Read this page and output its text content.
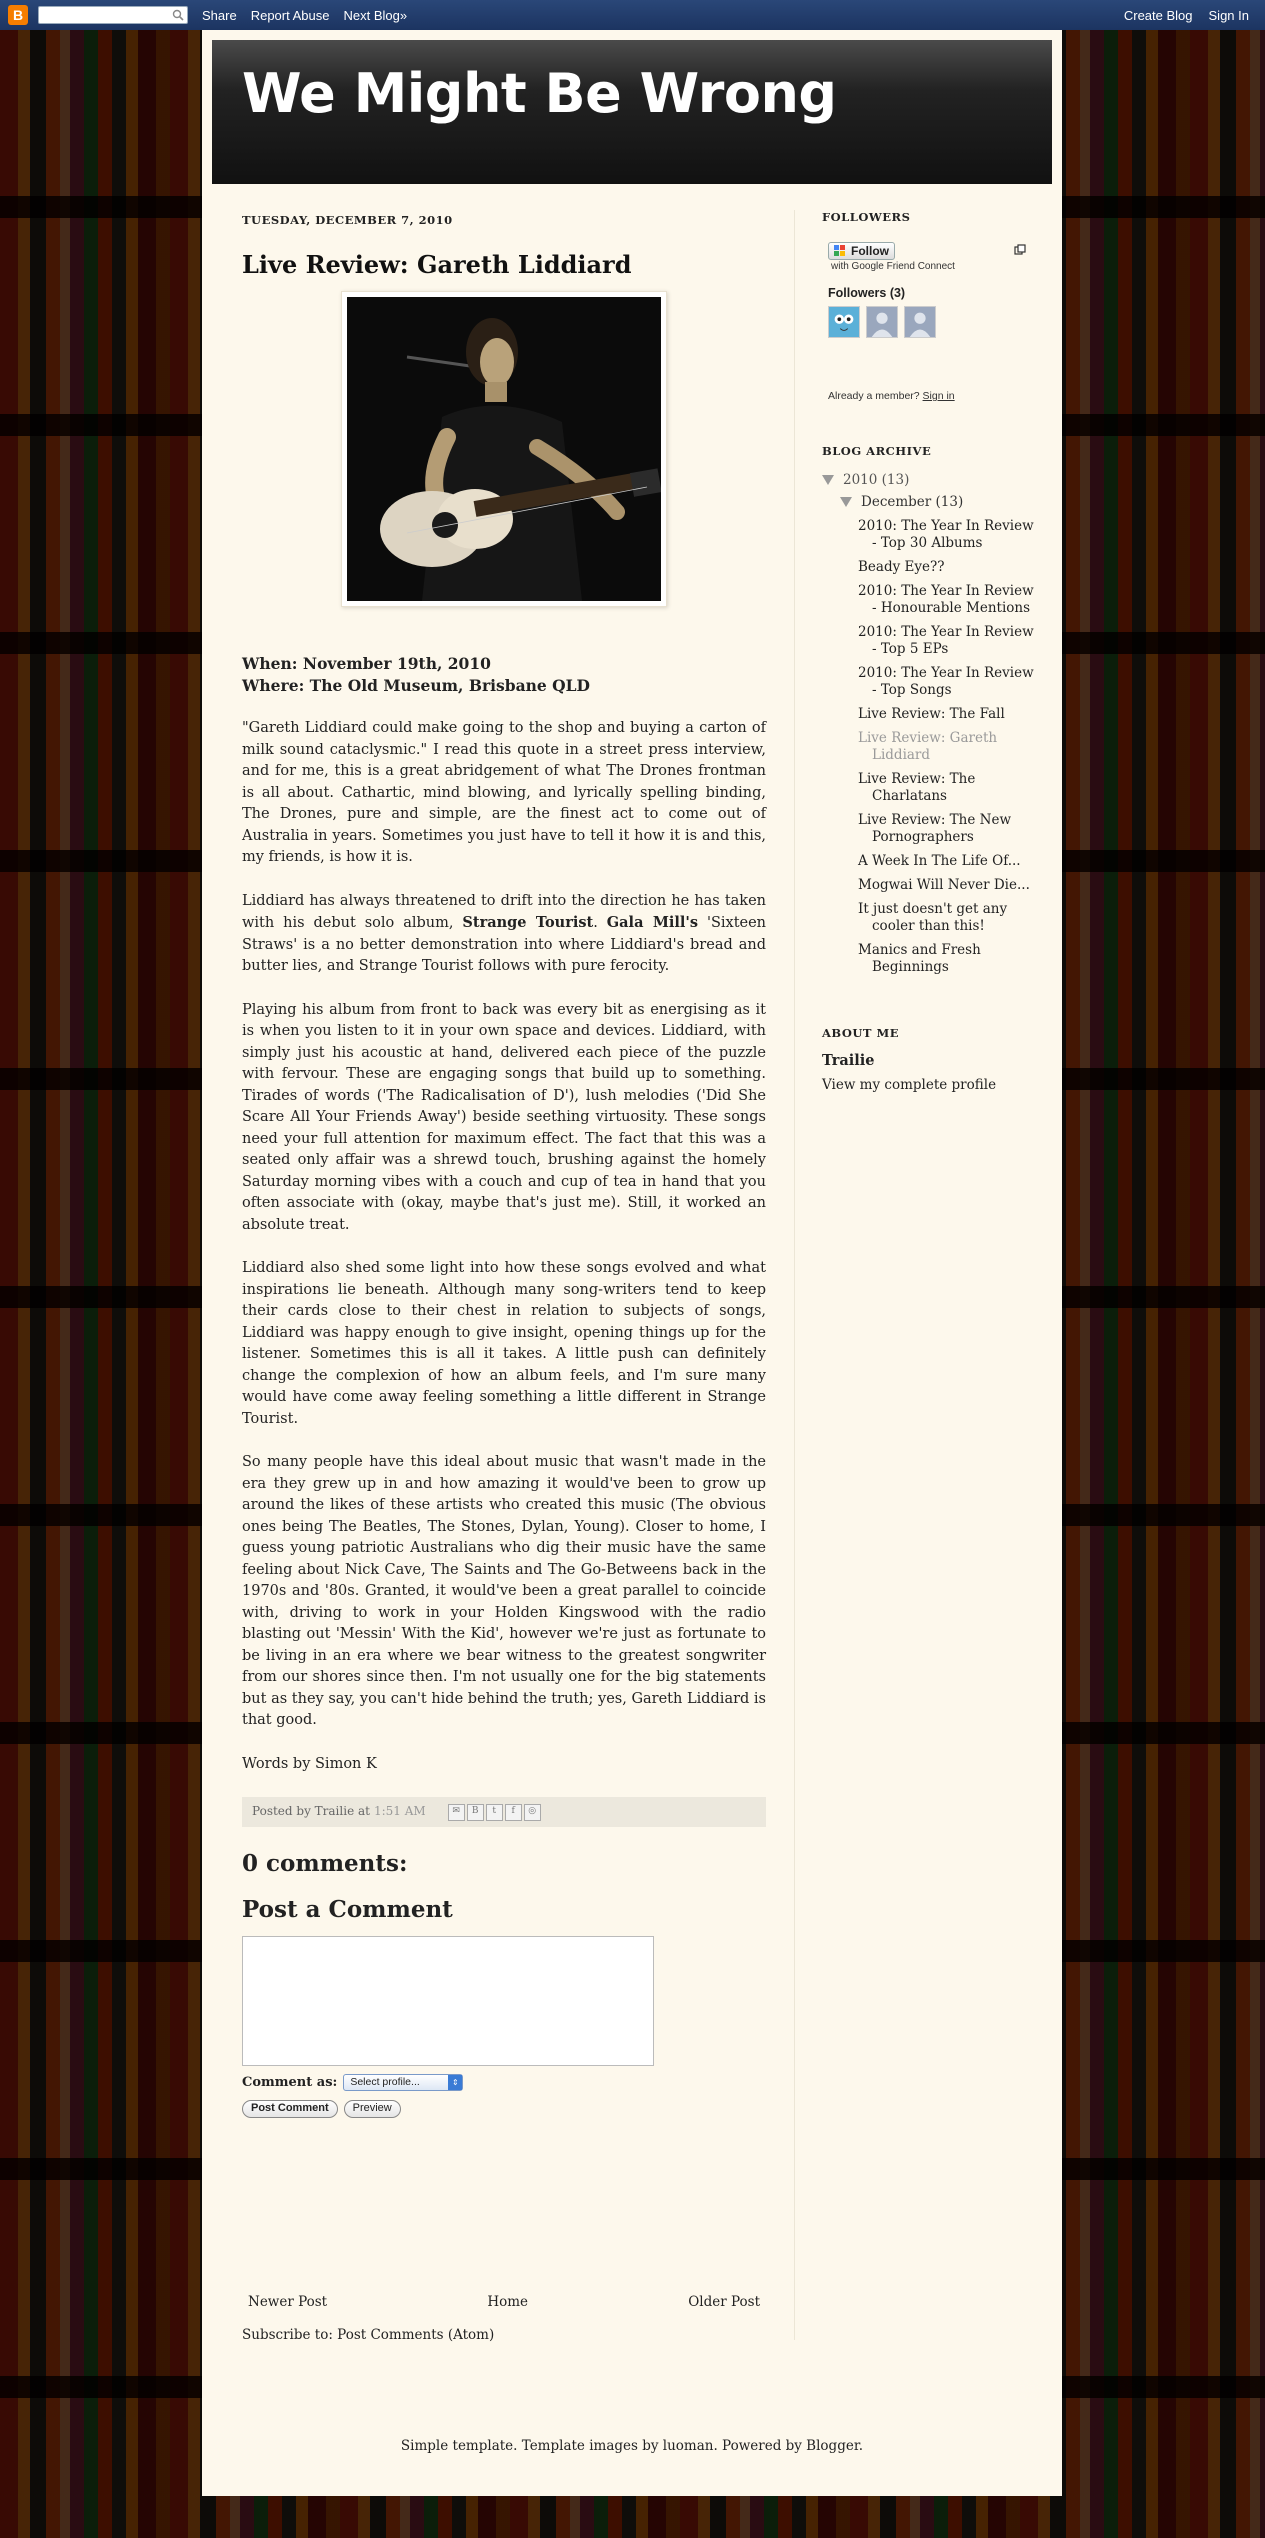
B	Share Report Abuse Next Blog»	Create Blog Sign In
We Might Be Wrong
TUESDAY, DECEMBER 7, 2010
Live Review: Gareth Liddiard
When: November 19th, 2010
Where: The Old Museum, Brisbane QLD
"Gareth Liddiard could make going to the shop and buying a carton of milk sound cataclysmic." I read this quote in a street press interview, and for me, this is a great abridgement of what The Drones frontman is all about. Cathartic, mind blowing, and lyrically spelling binding, The Drones, pure and simple, are the finest act to come out of Australia in years. Sometimes you just have to tell it how it is and this, my friends, is how it is.
Liddiard has always threatened to drift into the direction he has taken with his debut solo album, Strange Tourist. Gala Mill's 'Sixteen Straws' is a no better demonstration into where Liddiard's bread and butter lies, and Strange Tourist follows with pure ferocity.
Playing his album from front to back was every bit as energising as it is when you listen to it in your own space and devices. Liddiard, with simply just his acoustic at hand, delivered each piece of the puzzle with fervour. These are engaging songs that build up to something. Tirades of words ('The Radicalisation of D'), lush melodies ('Did She Scare All Your Friends Away') beside seething virtuosity. These songs need your full attention for maximum effect. The fact that this was a seated only affair was a shrewd touch, brushing against the homely Saturday morning vibes with a couch and cup of tea in hand that you often associate with (okay, maybe that's just me). Still, it worked an absolute treat.
Liddiard also shed some light into how these songs evolved and what inspirations lie beneath. Although many song-writers tend to keep their cards close to their chest in relation to subjects of songs, Liddiard was happy enough to give insight, opening things up for the listener. Sometimes this is all it takes. A little push can definitely change the complexion of how an album feels, and I'm sure many would have come away feeling something a little different in Strange Tourist.
So many people have this ideal about music that wasn't made in the era they grew up in and how amazing it would've been to grow up around the likes of these artists who created this music (The obvious ones being The Beatles, The Stones, Dylan, Young). Closer to home, I guess young patriotic Australians who dig their music have the same feeling about Nick Cave, The Saints and The Go-Betweens back in the 1970s and '80s. Granted, it would've been a great parallel to coincide with, driving to work in your Holden Kingswood with the radio blasting out 'Messin' With the Kid', however we're just as fortunate to be living in an era where we bear witness to the greatest songwriter from our shores since then. I'm not usually one for the big statements but as they say, you can't hide behind the truth; yes, Gareth Liddiard is that good.
Words by Simon K
Posted by Trailie at 1:51 AM	✉	B	t	f	◎
0 comments:
Post a Comment
Comment as: Select profile...	⇕
Post Comment	Preview
Newer Post	Home	Older Post
Subscribe to: Post Comments (Atom)
FOLLOWERS
Follow
with Google Friend Connect
Followers (3)
Already a member? Sign in
BLOG ARCHIVE
2010 (13)
December (13)
2010: The Year In Review - Top 30 Albums
Beady Eye??
2010: The Year In Review - Honourable Mentions
2010: The Year In Review - Top 5 EPs
2010: The Year In Review - Top Songs
Live Review: The Fall
Live Review: Gareth Liddiard
Live Review: The Charlatans
Live Review: The New Pornographers
A Week In The Life Of...
Mogwai Will Never Die...
It just doesn't get any cooler than this!
Manics and Fresh Beginnings
ABOUT ME
Trailie
View my complete profile
Simple template. Template images by luoman. Powered by Blogger.
